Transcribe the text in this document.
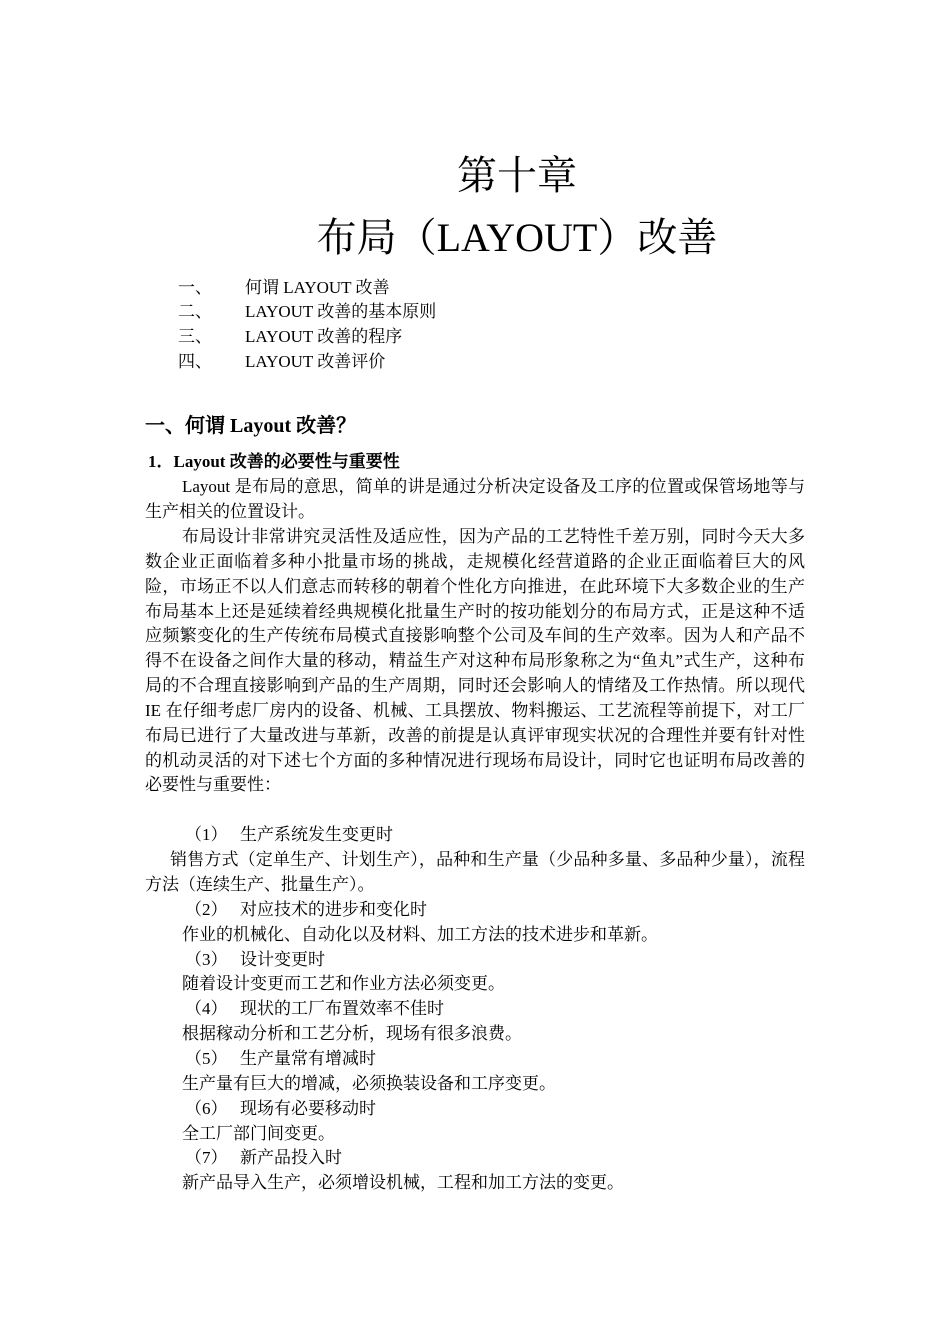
第十章
布局（LAYOUT）改善
一、 何谓 LAYOUT 改善
二、 LAYOUT 改善的基本原则
三、 LAYOUT 改善的程序
四、 LAYOUT 改善评价
一、何谓 Layout 改善？
1．Layout 改善的必要性与重要性
Layout 是布局的意思，简单的讲是通过分析决定设备及工序的位置或保管场地等与生产相关的位置设计。
布局设计非常讲究灵活性及适应性，因为产品的工艺特性千差万别，同时今天大多数企业正面临着多种小批量市场的挑战，走规模化经营道路的企业正面临着巨大的风险，市场正不以人们意志而转移的朝着个性化方向推进，在此环境下大多数企业的生产布局基本上还是延续着经典规模化批量生产时的按功能划分的布局方式，正是这种不适应频繁变化的生产传统布局模式直接影响整个公司及车间的生产效率。因为人和产品不得不在设备之间作大量的移动，精益生产对这种布局形象称之为“鱼丸”式生产，这种布局的不合理直接影响到产品的生产周期，同时还会影响人的情绪及工作热情。所以现代 IE 在仔细考虑厂房内的设备、机械、工具摆放、物料搬运、工艺流程等前提下，对工厂布局已进行了大量改进与革新，改善的前提是认真评审现实状况的合理性并要有针对性的机动灵活的对下述七个方面的多种情况进行现场布局设计，同时它也证明布局改善的必要性与重要性：
（1） 生产系统发生变更时
销售方式（定单生产、计划生产），品种和生产量（少品种多量、多品种少量），流程方法（连续生产、批量生产）。
（2） 对应技术的进步和变化时
作业的机械化、自动化以及材料、加工方法的技术进步和革新。
（3） 设计变更时
随着设计变更而工艺和作业方法必须变更。
（4） 现状的工厂布置效率不佳时
根据稼动分析和工艺分析，现场有很多浪费。
（5） 生产量常有增减时
生产量有巨大的增减，必须换装设备和工序变更。
（6） 现场有必要移动时
全工厂部门间变更。
（7） 新产品投入时
新产品导入生产，必须增设机械，工程和加工方法的变更。
